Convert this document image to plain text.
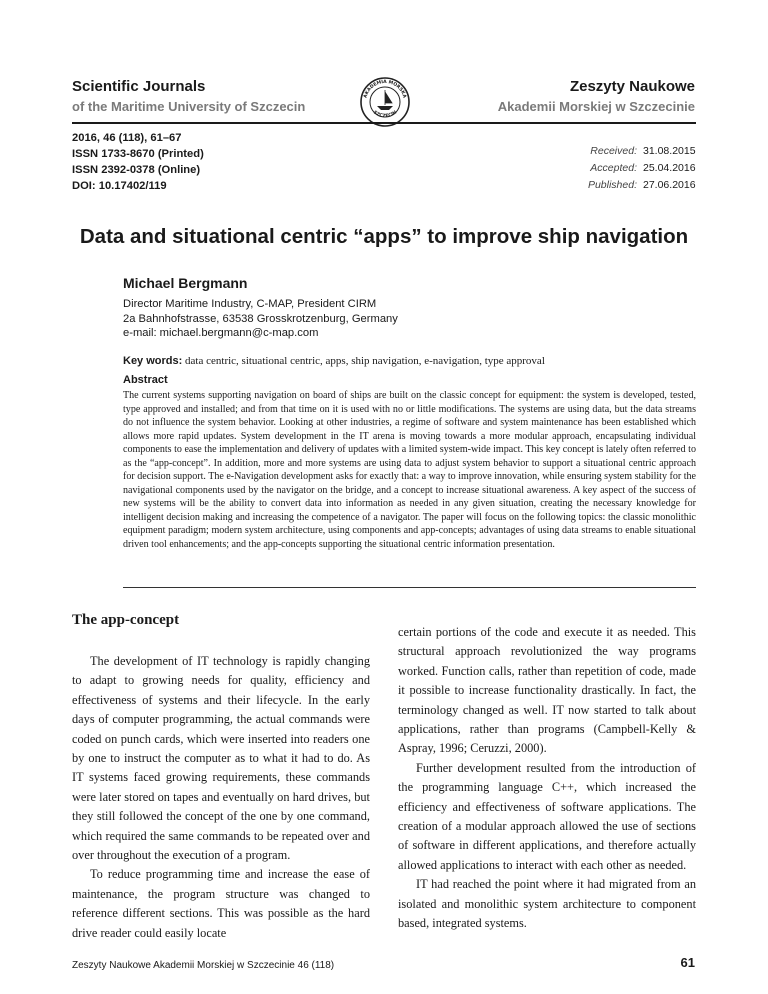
Scientific Journals
of the Maritime University of Szczecin
Zeszyty Naukowe
Akademii Morskiej w Szczecinie
AKADEMIA MORSKA
SZCZECIN
2016, 46 (118), 61–67
ISSN 1733-8670 (Printed)
ISSN 2392-0378 (Online)
DOI: 10.17402/119
Received: 31.08.2015
Accepted: 25.04.2016
Published: 27.06.2016
Data and situational centric “apps” to improve ship navigation
Michael Bergmann
Director Maritime Industry, C-MAP, President CIRM
2a Bahnhofstrasse, 63538 Grosskrotzenburg, Germany
e-mail: michael.bergmann@c-map.com
Key words: data centric, situational centric, apps, ship navigation, e-navigation, type approval
Abstract
The current systems supporting navigation on board of ships are built on the classic concept for equipment: the system is developed, tested, type approved and installed; and from that time on it is used with no or little modifications. The systems are using data, but the data streams do not influence the system behavior. Looking at other industries, a regime of software and system maintenance has been established which allows more rapid updates. System development in the IT arena is moving towards a more modular approach, encapsulating individual components to ease the implementation and delivery of updates with a limited system-wide impact. This key concept is lately often referred to as the “app-concept”. In addition, more and more systems are using data to adjust system behavior to support a situational centric approach for decision support. The e-Navigation development asks for exactly that: a way to improve innovation, while ensuring system stability for the navigational components used by the navigator on the bridge, and a concept to increase situational awareness. A key aspect of the success of new systems will be the ability to convert data into information as needed in any given situation, creating the necessary knowledge for intelligent decision making and increasing the competence of a navigator. The paper will focus on the following topics: the classic monolithic equipment paradigm; modern system architecture, using components and app-concepts; advantages of using data streams to enable situational driven tool enhancements; and the app-concepts supporting the situational centric information presentation.
The app-concept

The development of IT technology is rapidly changing to adapt to growing needs for quality, efficiency and effectiveness of systems and their lifecycle. In the early days of computer programming, the actual commands were coded on punch cards, which were inserted into readers one by one to instruct the computer as to what it had to do. As IT systems faced growing requirements, these commands were later stored on tapes and eventually on hard drives, but they still followed the concept of the one by one command, which required the same commands to be repeated over and over throughout the execution of a program.

To reduce programming time and increase the ease of maintenance, the program structure was changed to reference different sections. This was possible as the hard drive reader could easily locate

certain portions of the code and execute it as needed. This structural approach revolutionized the way programs worked. Function calls, rather than repetition of code, made it possible to increase functionality drastically. In fact, the terminology changed as well. IT now started to talk about applications, rather than programs (Campbell-Kelly & Aspray, 1996; Ceruzzi, 2000).

Further development resulted from the introduction of the programming language C++, which increased the efficiency and effectiveness of software applications. The creation of a modular approach allowed the use of sections of software in different applications, and therefore actually allowed applications to interact with each other as needed.

IT had reached the point where it had migrated from an isolated and monolithic system architecture to component based, integrated systems.

Zeszyty Naukowe Akademii Morskiej w Szczecinie 46 (118)	61
